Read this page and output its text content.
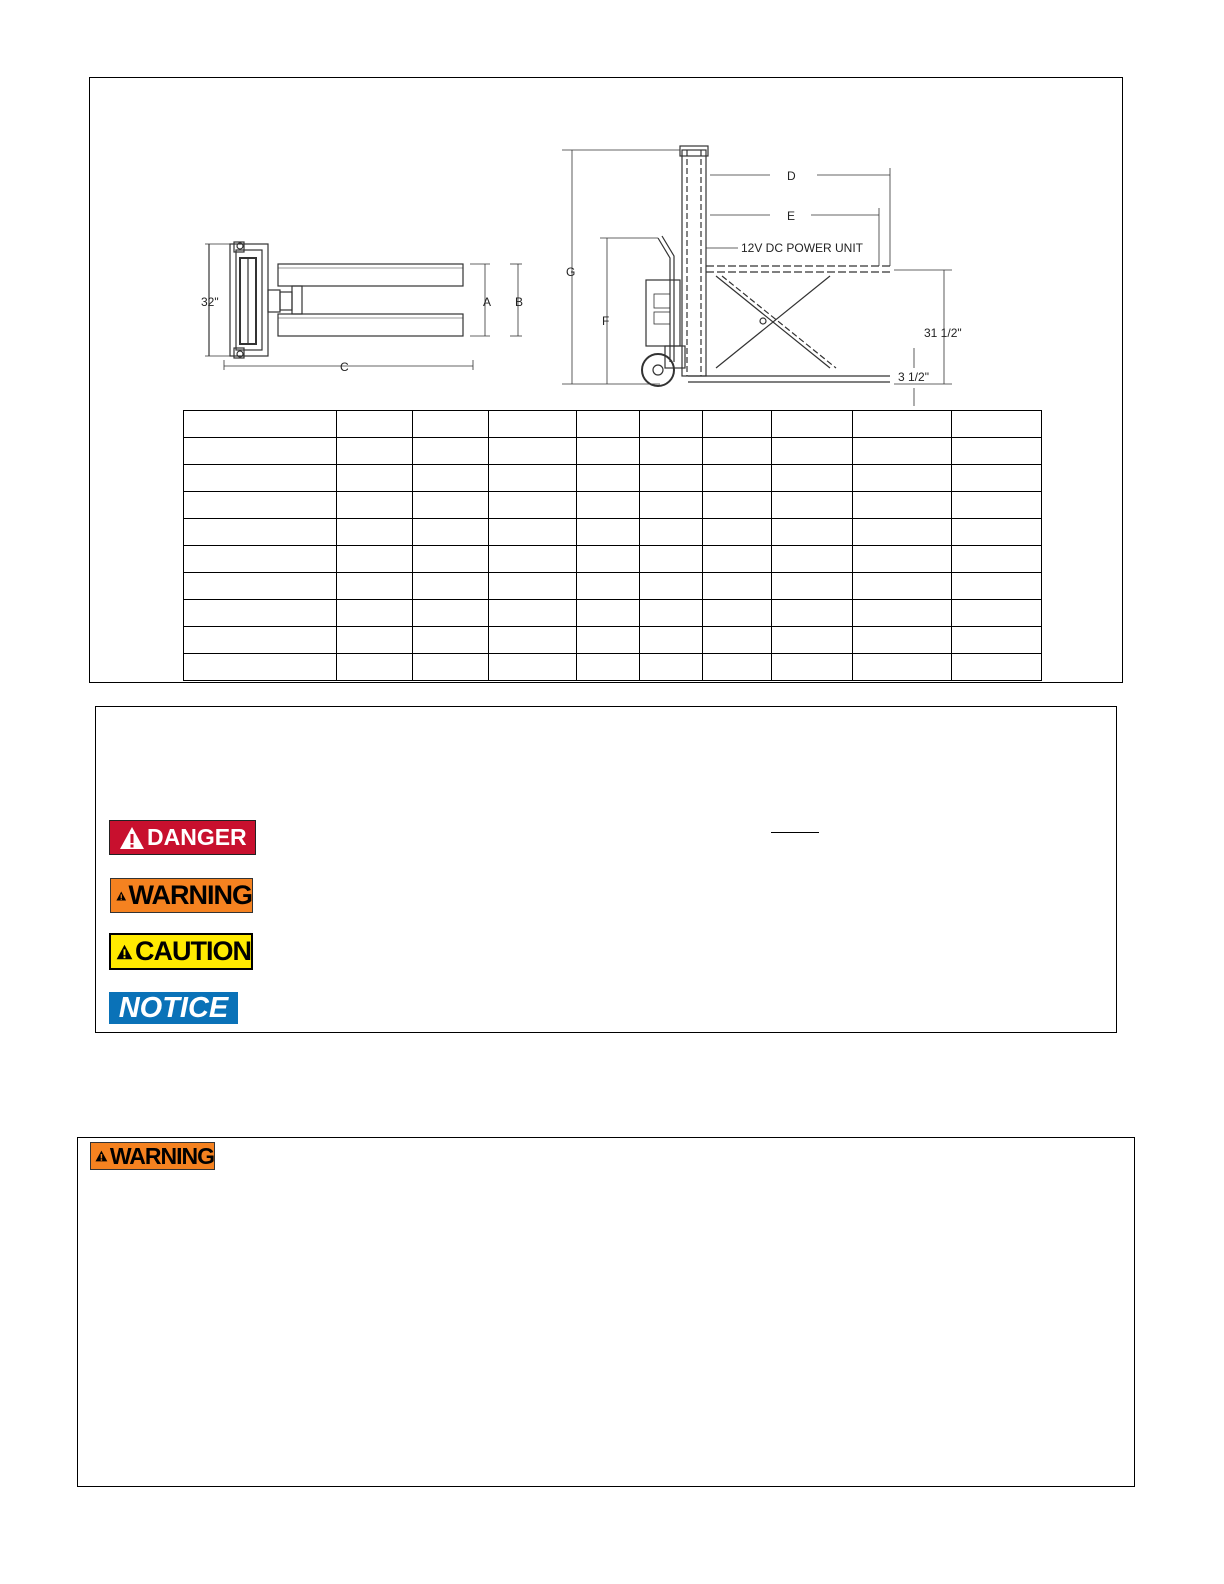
32"	A B
C
D
E
F
G
12V DC POWER UNIT
31 1/2"
3 1/2"

DANGER
WARNING
CAUTION
NOTICE
WARNING
